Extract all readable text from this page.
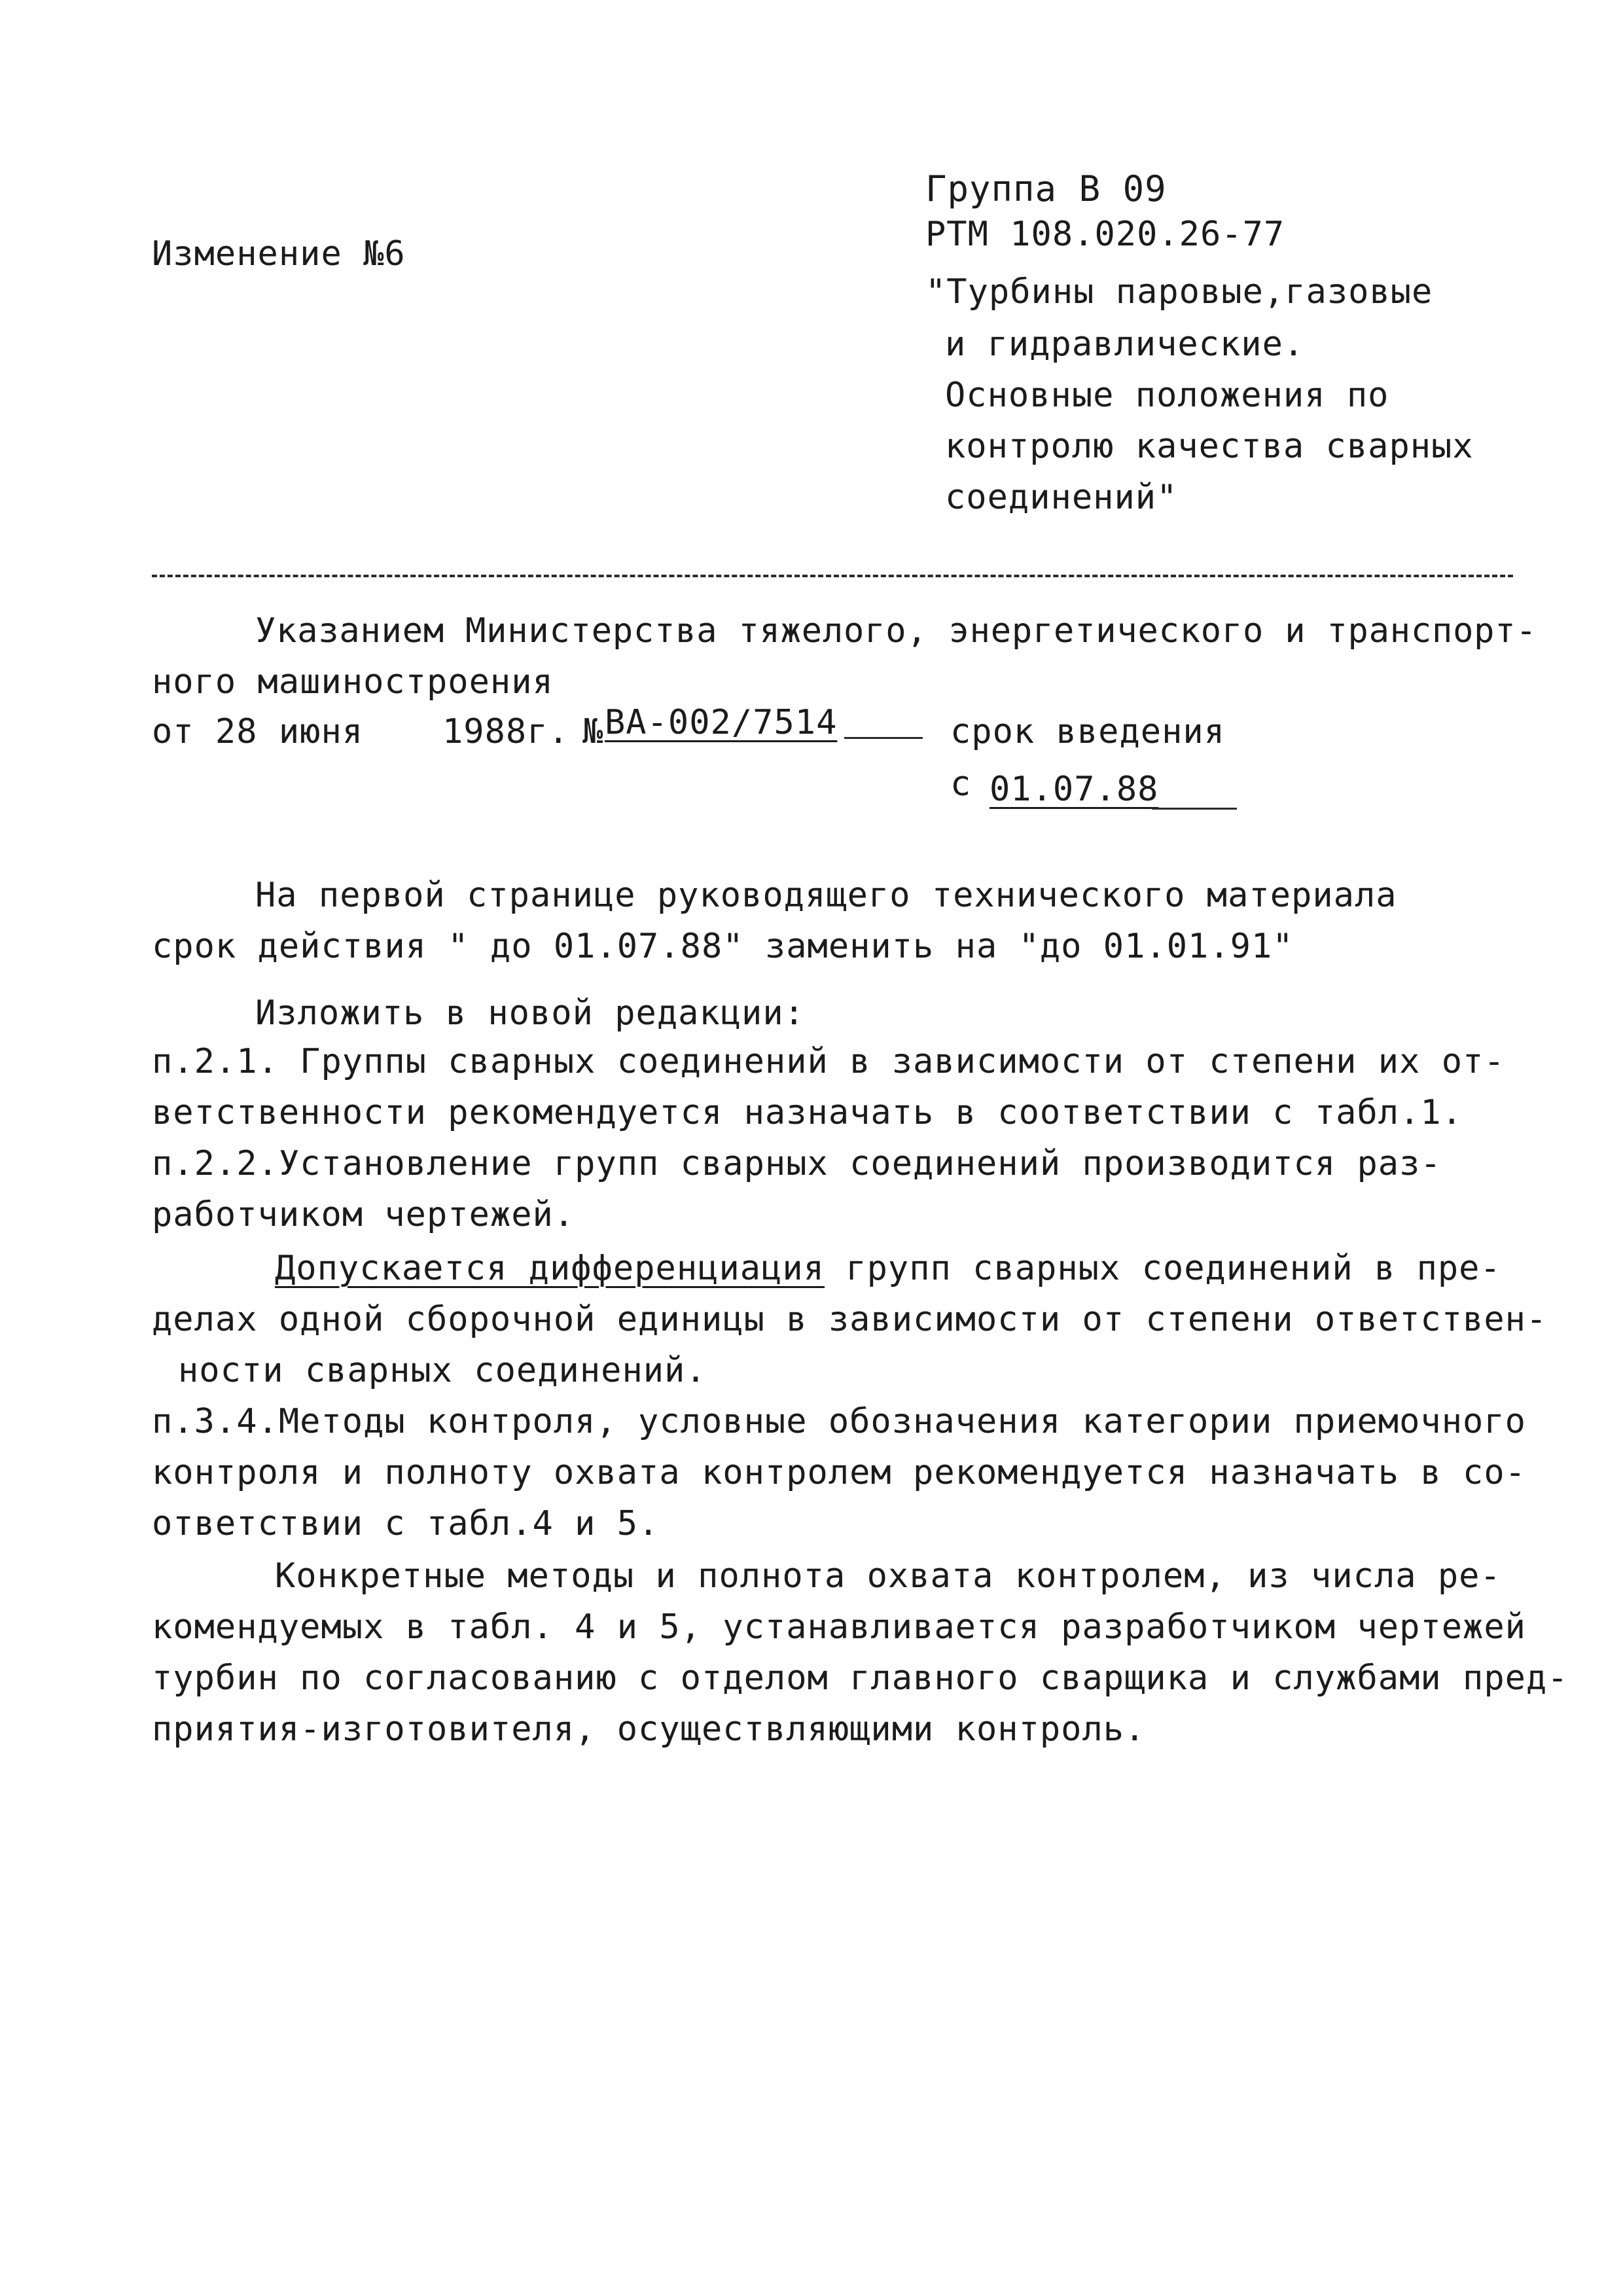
Изменение №6
Группа В 09
РТМ 108.020.26-77
"Турбины паровые,газовые
и гидравлические.
Основные положения по
контролю качества сварных
соединений"
Указанием Министерства тяжелого, энергетического и транспорт-
ного машиностроения
от 28 июня 1988г. № ВА-002/7514	срок введения
с 01.07.88
На первой странице руководящего технического материала
срок действия " до 01.07.88" заменить на "до 01.01.91"
Изложить в новой редакции:
п.2.1. Группы сварных соединений в зависимости от степени их от-
ветственности рекомендуется назначать в соответствии с табл.1.
п.2.2.Установление групп сварных соединений производится раз-
работчиком чертежей.
Допускается дифференциация групп сварных соединений в пре-
делах одной сборочной единицы в зависимости от степени ответствен-
ности сварных соединений.
п.3.4.Методы контроля, условные обозначения категории приемочного
контроля и полноту охвата контролем рекомендуется назначать в со-
ответствии с табл.4 и 5.
Конкретные методы и полнота охвата контролем, из числа ре-
комендуемых в табл. 4 и 5, устанавливается разработчиком чертежей
турбин по согласованию с отделом главного сварщика и службами пред-
приятия-изготовителя, осуществляющими контроль.
